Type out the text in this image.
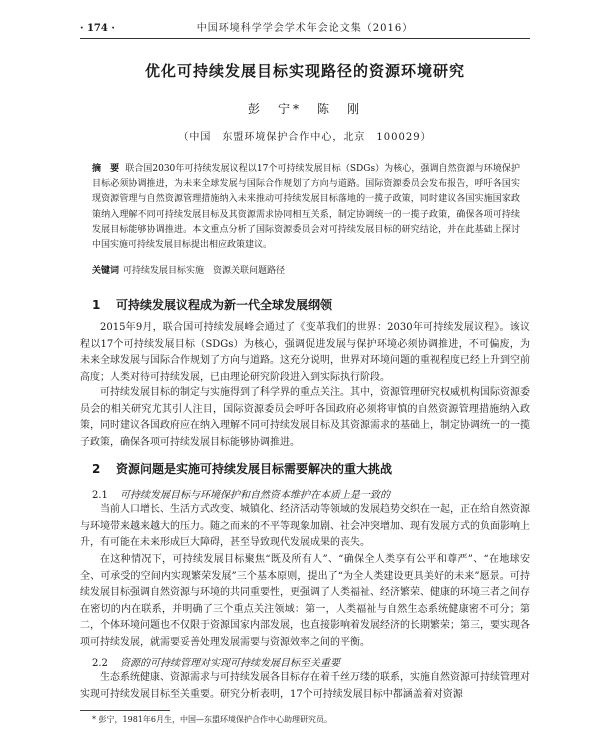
· 174 ·	中国环境科学学会学术年会论文集（2016）
优化可持续发展目标实现路径的资源环境研究
彭　宁*　陈　刚
（中国　东盟环境保护合作中心，北京　100029）
摘　要 联合国2030年可持续发展议程以17个可持续发展目标（SDGs）为核心，强调自然资源与环境保护目标必须协调推进，为未来全球发展与国际合作规划了方向与道路。国际资源委员会发布报告，呼吁各国实现资源管理与自然资源管理措施纳入未来推动可持续发展目标落地的一揽子政策，同时建议各国实施国家政策纳入理解不同可持续发展目标及其资源需求协同相互关系，制定协调统一的一揽子政策，确保各项可持续发展目标能够协调推进。本文重点分析了国际资源委员会对可持续发展目标的研究结论，并在此基础上探讨中国实施可持续发展目标提出相应政策建议。
关键词 可持续发展目标实施　资源关联问题路径
1 可持续发展议程成为新一代全球发展纲领
2015年9月，联合国可持续发展峰会通过了《变革我们的世界：2030年可持续发展议程》。该议程以17个可持续发展目标（SDGs）为核心，强调促进发展与保护环境必须协调推进，不可偏废，为未来全球发展与国际合作规划了方向与道路。这充分说明，世界对环境问题的重视程度已经上升到空前高度；人类对待可持续发展，已由理论研究阶段进入到实际执行阶段。
可持续发展目标的制定与实施得到了科学界的重点关注。其中，资源管理研究权威机构国际资源委员会的相关研究尤其引人注目，国际资源委员会呼吁各国政府必须将审慎的自然资源管理措施纳入政策，同时建议各国政府应在纳入理解不同可持续发展目标及其资源需求的基础上，制定协调统一的一揽子政策，确保各项可持续发展目标能够协调推进。
2 资源问题是实施可持续发展目标需要解决的重大挑战
2.1 可持续发展目标与环境保护和自然资本维护在本质上是一致的
当前人口增长、生活方式改变、城镇化、经济活动等领域的发展趋势交织在一起，正在给自然资源与环境带来越来越大的压力。随之而来的不平等现象加剧、社会冲突增加、现有发展方式的负面影响上升，有可能在未来形成巨大障碍，甚至导致现代发展成果的丧失。
在这种情况下，可持续发展目标聚焦“既及所有人”、“确保全人类享有公平和尊严”、“在地球安全、可承受的空间内实现繁荣发展”三个基本原则，提出了“为全人类建设更具美好的未来”愿景。可持续发展目标强调自然资源与环境的共同重要性，更强调了人类福祉、经济繁荣、健康的环境三者之间存在密切的内在联系，并明确了三个重点关注领域：第一，人类福祉与自然生态系统健康密不可分；第二，个体环境问题也不仅限于资源国家内部发展，也直接影响着发展经济的长期繁荣；第三，要实现各项可持续发展，就需要妥善处理发展需要与资源效率之间的平衡。
2.2 资源的可持续管理对实现可持续发展目标至关重要
生态系统健康、资源需求与可持续发展各目标存在着千丝万缕的联系，实施自然资源可持续管理对实现可持续发展目标至关重要。研究分析表明，17个可持续发展目标中都涵盖着对资源
* 彭宁，1981年6月生，中国—东盟环境保护合作中心助理研究员。
